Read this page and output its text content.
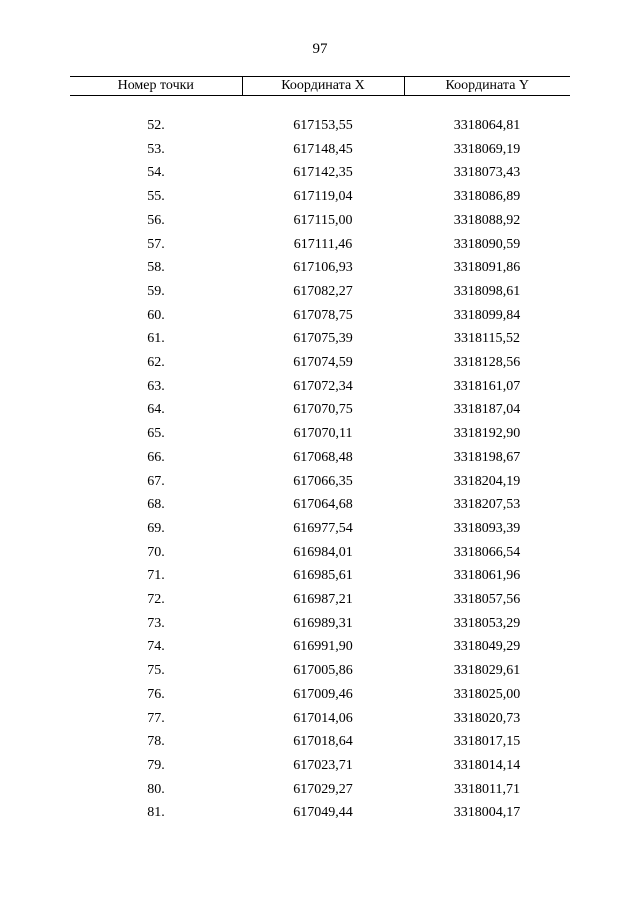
97
Номер точки	Координата X	Координата Y

52.	617153,55	3318064,81
53.	617148,45	3318069,19
54.	617142,35	3318073,43
55.	617119,04	3318086,89
56.	617115,00	3318088,92
57.	617111,46	3318090,59
58.	617106,93	3318091,86
59.	617082,27	3318098,61
60.	617078,75	3318099,84
61.	617075,39	3318115,52
62.	617074,59	3318128,56
63.	617072,34	3318161,07
64.	617070,75	3318187,04
65.	617070,11	3318192,90
66.	617068,48	3318198,67
67.	617066,35	3318204,19
68.	617064,68	3318207,53
69.	616977,54	3318093,39
70.	616984,01	3318066,54
71.	616985,61	3318061,96
72.	616987,21	3318057,56
73.	616989,31	3318053,29
74.	616991,90	3318049,29
75.	617005,86	3318029,61
76.	617009,46	3318025,00
77.	617014,06	3318020,73
78.	617018,64	3318017,15
79.	617023,71	3318014,14
80.	617029,27	3318011,71
81.	617049,44	3318004,17
